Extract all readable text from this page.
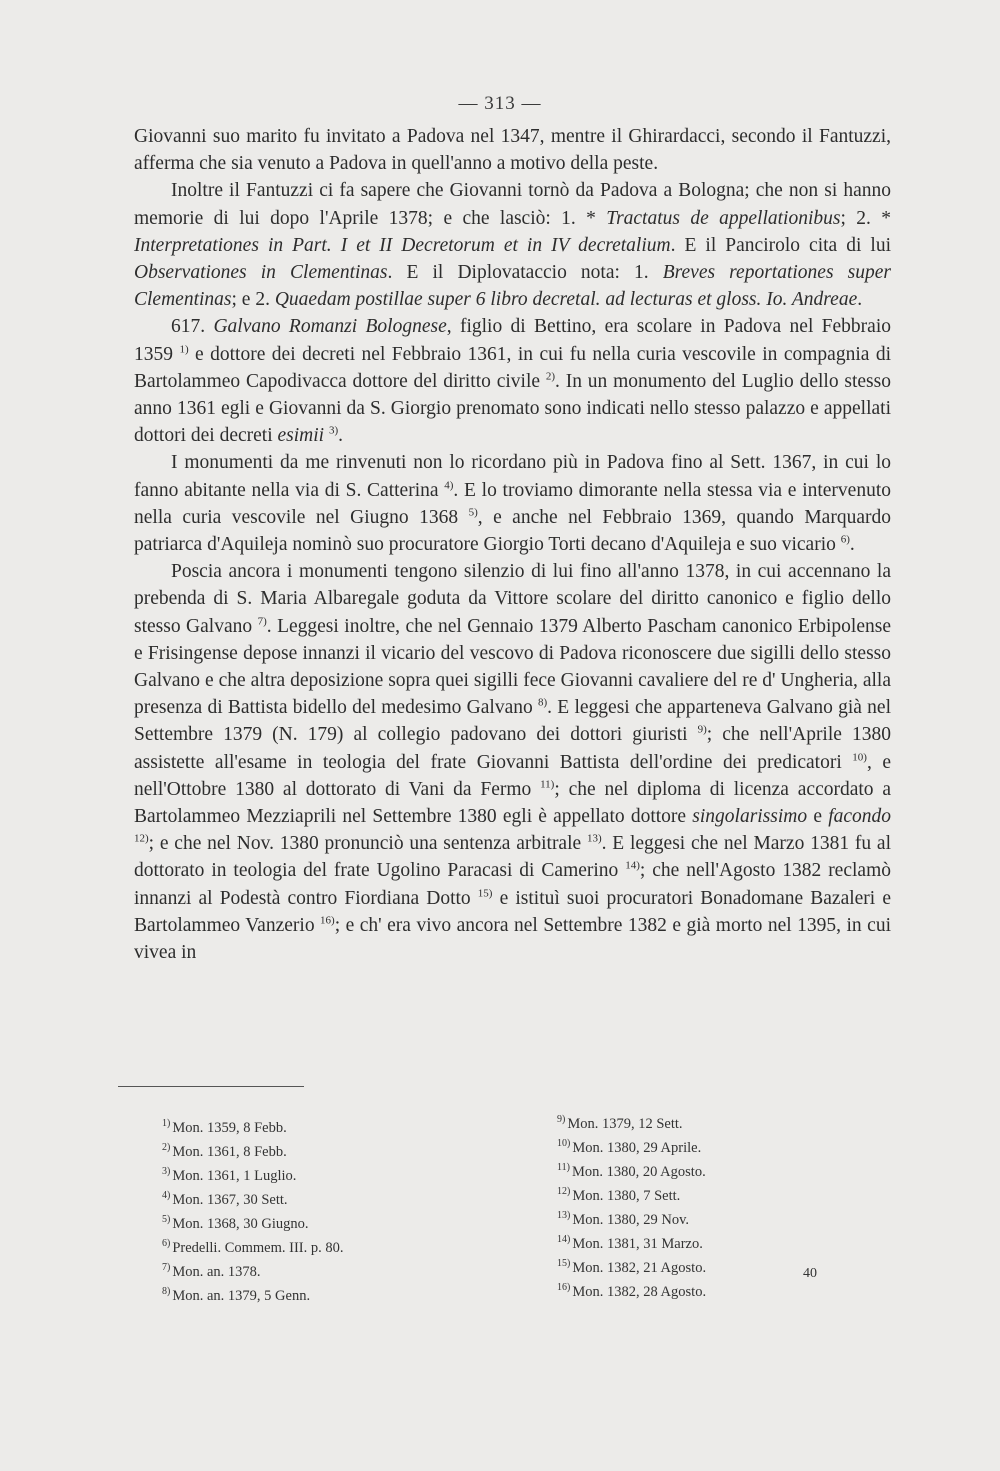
— 313 —

Giovanni suo marito fu invitato a Padova nel 1347, mentre il Ghirardacci, secondo il Fantuzzi, afferma che sia venuto a Padova in quell'anno a motivo della peste.

Inoltre il Fantuzzi ci fa sapere che Giovanni tornò da Padova a Bologna; che non si hanno memorie di lui dopo l'Aprile 1378; e che lasciò: 1. * Tractatus de appellationibus; 2. * Interpretationes in Part. I et II Decretorum et in IV decretalium. E il Pancirolo cita di lui Observationes in Clementinas. E il Diplovataccio nota: 1. Breves reportationes super Clementinas; e 2. Quaedam postillae super 6 libro decretal. ad lecturas et gloss. Io. Andreae.

617. Galvano Romanzi Bolognese, figlio di Bettino, era scolare in Padova nel Febbraio 1359 $^{1)}$ e dottore dei decreti nel Febbraio 1361, in cui fu nella curia vescovile in compagnia di Bartolammeo Capodivacca dottore del diritto civile $^{2)}$. In un monumento del Luglio dello stesso anno 1361 egli e Giovanni da S. Giorgio prenomato sono indicati nello stesso palazzo e appellati dottori dei decreti esimii $^{3)}$.

I monumenti da me rinvenuti non lo ricordano più in Padova fino al Sett. 1367, in cui lo fanno abitante nella via di S. Catterina $^{4)}$. E lo troviamo dimorante nella stessa via e intervenuto nella curia vescovile nel Giugno 1368 $^{5)}$, e anche nel Febbraio 1369, quando Marquardo patriarca d'Aquileja nominò suo procuratore Giorgio Torti decano d'Aquileja e suo vicario $^{6)}$.

Poscia ancora i monumenti tengono silenzio di lui fino all'anno 1378, in cui accennano la prebenda di S. Maria Albaregale goduta da Vittore scolare del diritto canonico e figlio dello stesso Galvano $^{7)}$. Leggesi inoltre, che nel Gennaio 1379 Alberto Pascham canonico Erbipolense e Frisingense depose innanzi il vicario del vescovo di Padova riconoscere due sigilli dello stesso Galvano e che altra deposizione sopra quei sigilli fece Giovanni cavaliere del re d' Ungheria, alla presenza di Battista bidello del medesimo Galvano $^{8)}$. E leggesi che apparteneva Galvano già nel Settembre 1379 (N. 179) al collegio padovano dei dottori giuristi $^{9)}$; che nell'Aprile 1380 assistette all'esame in teologia del frate Giovanni Battista dell'ordine dei predicatori $^{10)}$, e nell'Ottobre 1380 al dottorato di Vani da Fermo $^{11)}$; che nel diploma di licenza accordato a Bartolammeo Mezziaprili nel Settembre 1380 egli è appellato dottore singolarissimo e facondo $^{12)}$; e che nel Nov. 1380 pronunciò una sentenza arbitrale $^{13)}$. E leggesi che nel Marzo 1381 fu al dottorato in teologia del frate Ugolino Paracasi di Camerino $^{14)}$; che nell'Agosto 1382 reclamò innanzi al Podestà contro Fiordiana Dotto $^{15)}$ e istituì suoi procuratori Bonadomane Bazaleri e Bartolammeo Vanzerio $^{16)}$; e ch' era vivo ancora nel Settembre 1382 e già morto nel 1395, in cui vivea in

$^{1)}$ Mon. 1359, 8 Febb.
$^{2)}$ Mon. 1361, 8 Febb.
$^{3)}$ Mon. 1361, 1 Luglio.
$^{4)}$ Mon. 1367, 30 Sett.
$^{5)}$ Mon. 1368, 30 Giugno.
$^{6)}$ Predelli. Commem. III. p. 80.
$^{7)}$ Mon. an. 1378.
$^{8)}$ Mon. an. 1379, 5 Genn.
$^{9)}$ Mon. 1379, 12 Sett.
$^{10)}$ Mon. 1380, 29 Aprile.
$^{11)}$ Mon. 1380, 20 Agosto.
$^{12)}$ Mon. 1380, 7 Sett.
$^{13)}$ Mon. 1380, 29 Nov.
$^{14)}$ Mon. 1381, 31 Marzo.
$^{15)}$ Mon. 1382, 21 Agosto.
$^{16)}$ Mon. 1382, 28 Agosto.
40
